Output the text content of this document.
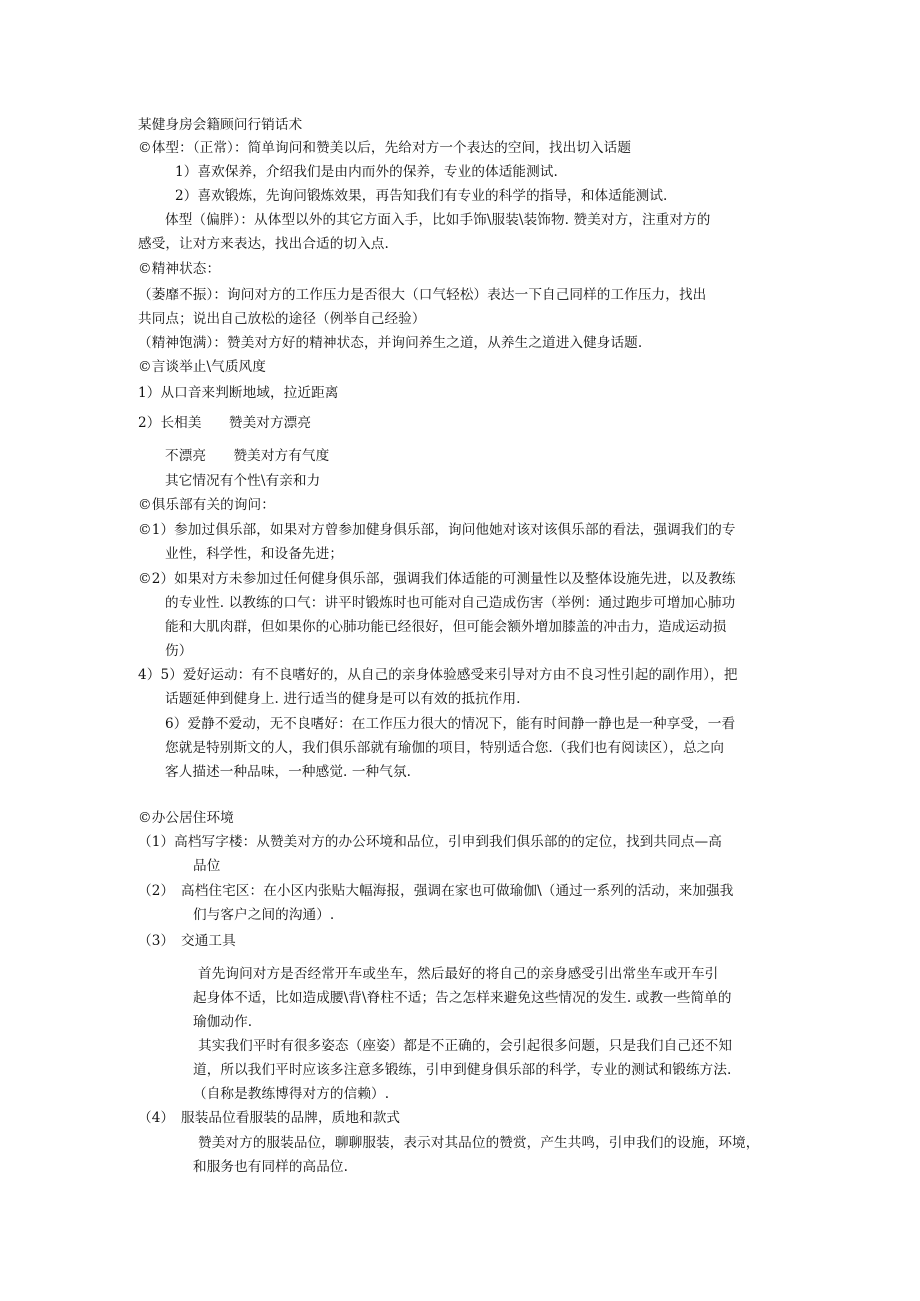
某健身房会籍顾问行销话术

©体型：（正常）：简单询问和赞美以后，先给对方一个表达的空间，找出切入话题

1）喜欢保养，介绍我们是由内而外的保养，专业的体适能测试.

2）喜欢锻炼，先询问锻炼效果，再告知我们有专业的科学的指导，和体适能测试.

体型（偏胖）：从体型以外的其它方面入手，比如手饰\服装\装饰物. 赞美对方，注重对方的

感受，让对方来表达，找出合适的切入点.

©精神状态：

（萎靡不振）：询问对方的工作压力是否很大（口气轻松）表达一下自己同样的工作压力，找出

共同点；说出自己放松的途径（例举自己经验）

（精神饱满）：赞美对方好的精神状态，并询问养生之道，从养生之道进入健身话题.

©言谈举止\气质风度

1）从口音来判断地域，拉近距离

2）长相美　　赞美对方漂亮

不漂亮　　赞美对方有气度

其它情况有个性\有亲和力

©俱乐部有关的询问：

©1）参加过俱乐部，如果对方曾参加健身俱乐部，询问他她对该对该俱乐部的看法，强调我们的专

业性，科学性，和设备先进；

©2）如果对方未参加过任何健身俱乐部，强调我们体适能的可测量性以及整体设施先进，以及教练

的专业性. 以教练的口气：讲平时锻炼时也可能对自己造成伤害（举例：通过跑步可增加心肺功

能和大肌肉群，但如果你的心肺功能已经很好，但可能会额外增加膝盖的冲击力，造成运动损

伤）

4）5）爱好运动：有不良嗜好的，从自己的亲身体验感受来引导对方由不良习性引起的副作用），把

话题延伸到健身上. 进行适当的健身是可以有效的抵抗作用.

6）爱静不爱动，无不良嗜好：在工作压力很大的情况下，能有时间静一静也是一种享受，一看

您就是特别斯文的人，我们俱乐部就有瑜伽的项目，特别适合您.（我们也有阅读区），总之向

客人描述一种品味，一种感觉. 一种气氛.

©办公居住环境

（1）高档写字楼：从赞美对方的办公环境和品位，引申到我们俱乐部的的定位，找到共同点—高

品位

（2）　高档住宅区：在小区内张贴大幅海报，强调在家也可做瑜伽\（通过一系列的活动，来加强我

们与客户之间的沟通）.

（3）　交通工具

首先询问对方是否经常开车或坐车，然后最好的将自己的亲身感受引出常坐车或开车引

起身体不适，比如造成腰\背\脊柱不适；告之怎样来避免这些情况的发生. 或教一些简单的

瑜伽动作.

其实我们平时有很多姿态（座姿）都是不正确的，会引起很多问题，只是我们自己还不知

道，所以我们平时应该多注意多锻练，引申到健身俱乐部的科学，专业的测试和锻练方法.

（自称是教练博得对方的信赖）.

（4）　服装品位看服装的品牌，质地和款式

赞美对方的服装品位，聊聊服装，表示对其品位的赞赏，产生共鸣，引申我们的设施，环境，

和服务也有同样的高品位.
